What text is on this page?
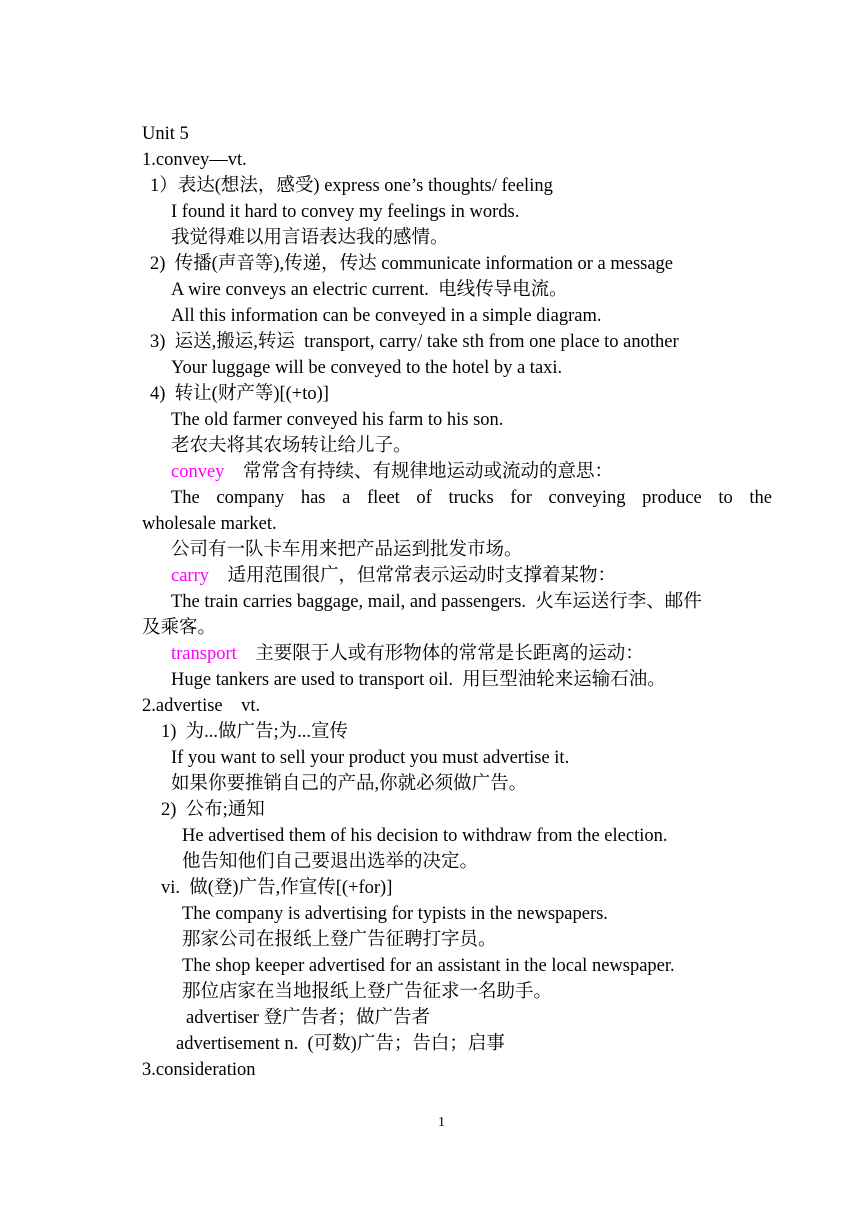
Unit 5
1.convey—vt.
1）表达(想法，感受) express one’s thoughts/ feeling
I found it hard to convey my feelings in words.
我觉得难以用言语表达我的感情。
2)  传播(声音等),传递，传达 communicate information or a message
A wire conveys an electric current.  电线传导电流。
All this information can be conveyed in a simple diagram.
3)  运送,搬运,转运  transport, carry/ take sth from one place to another
Your luggage will be conveyed to the hotel by a taxi.
4)  转让(财产等)[(+to)]
The old farmer conveyed his farm to his son.
老农夫将其农场转让给儿子。
convey 常常含有持续、有规律地运动或流动的意思：
The company has a fleet of trucks for conveying produce to the
wholesale market.
公司有一队卡车用来把产品运到批发市场。
carry 适用范围很广，但常常表示运动时支撑着某物：
The train carries baggage, mail, and passengers.  火车运送行李、邮件
及乘客。
transport 主要限于人或有形物体的常常是长距离的运动：
Huge tankers are used to transport oil.  用巨型油轮来运输石油。
2.advertise    vt.
1)  为...做广告;为...宣传
If you want to sell your product you must advertise it.
如果你要推销自己的产品,你就必须做广告。
2)  公布;通知
He advertised them of his decision to withdraw from the election.
他告知他们自己要退出选举的决定。
vi.  做(登)广告,作宣传[(+for)]
The company is advertising for typists in the newspapers.
那家公司在报纸上登广告征聘打字员。
The shop keeper advertised for an assistant in the local newspaper.
那位店家在当地报纸上登广告征求一名助手。
advertiser 登广告者；做广告者
advertisement n.  (可数)广告；告白；启事
3.consideration
1
